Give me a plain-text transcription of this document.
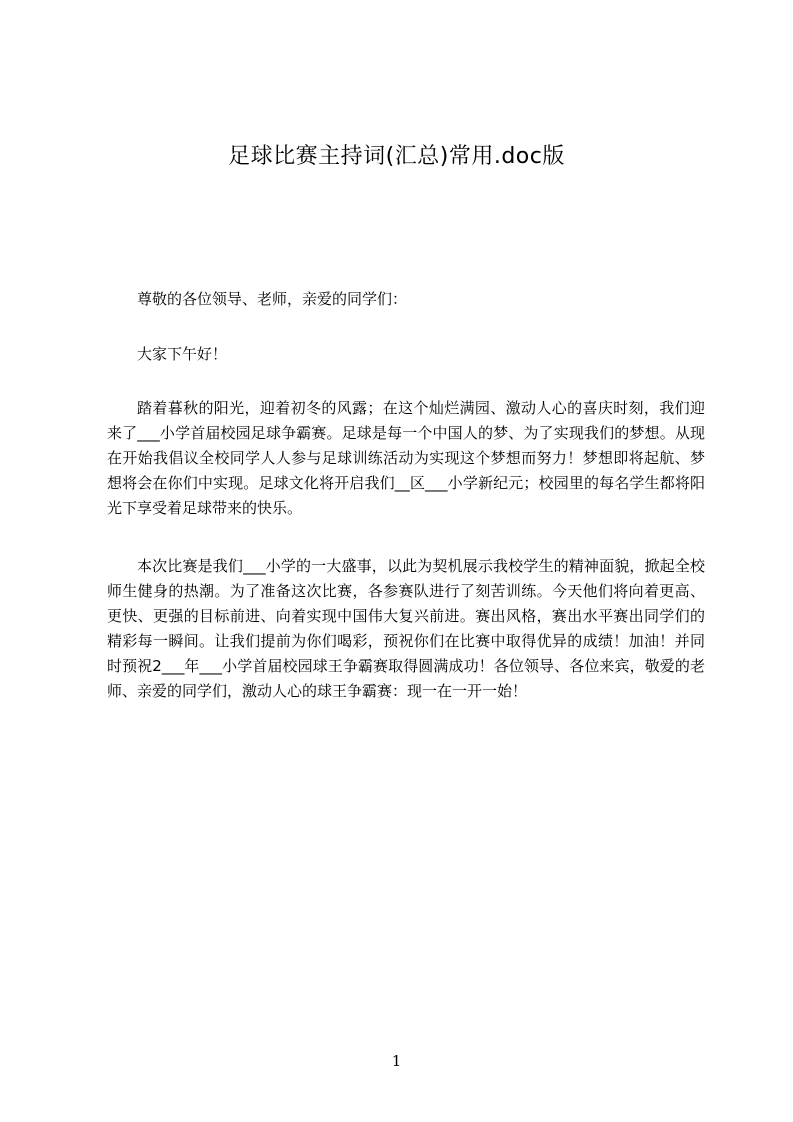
足球比赛主持词(汇总)常用.doc版

尊敬的各位领导、老师，亲爱的同学们：

大家下午好！

踏着暮秋的阳光，迎着初冬的风露；在这个灿烂满园、激动人心的喜庆时刻，我们迎来了___小学首届校园足球争霸赛。足球是每一个中国人的梦、为了实现我们的梦想。从现在开始我倡议全校同学人人参与足球训练活动为实现这个梦想而努力！梦想即将起航、梦想将会在你们中实现。足球文化将开启我们__区___小学新纪元；校园里的每名学生都将阳光下享受着足球带来的快乐。

本次比赛是我们___小学的一大盛事，以此为契机展示我校学生的精神面貌，掀起全校师生健身的热潮。为了准备这次比赛，各参赛队进行了刻苦训练。今天他们将向着更高、更快、更强的目标前进、向着实现中国伟大复兴前进。赛出风格，赛出水平赛出同学们的精彩每一瞬间。让我们提前为你们喝彩，预祝你们在比赛中取得优异的成绩！加油！并同时预祝2___年___小学首届校园球王争霸赛取得圆满成功！各位领导、各位来宾，敬爱的老师、亲爱的同学们，激动人心的球王争霸赛：现一在一开一始！

1
